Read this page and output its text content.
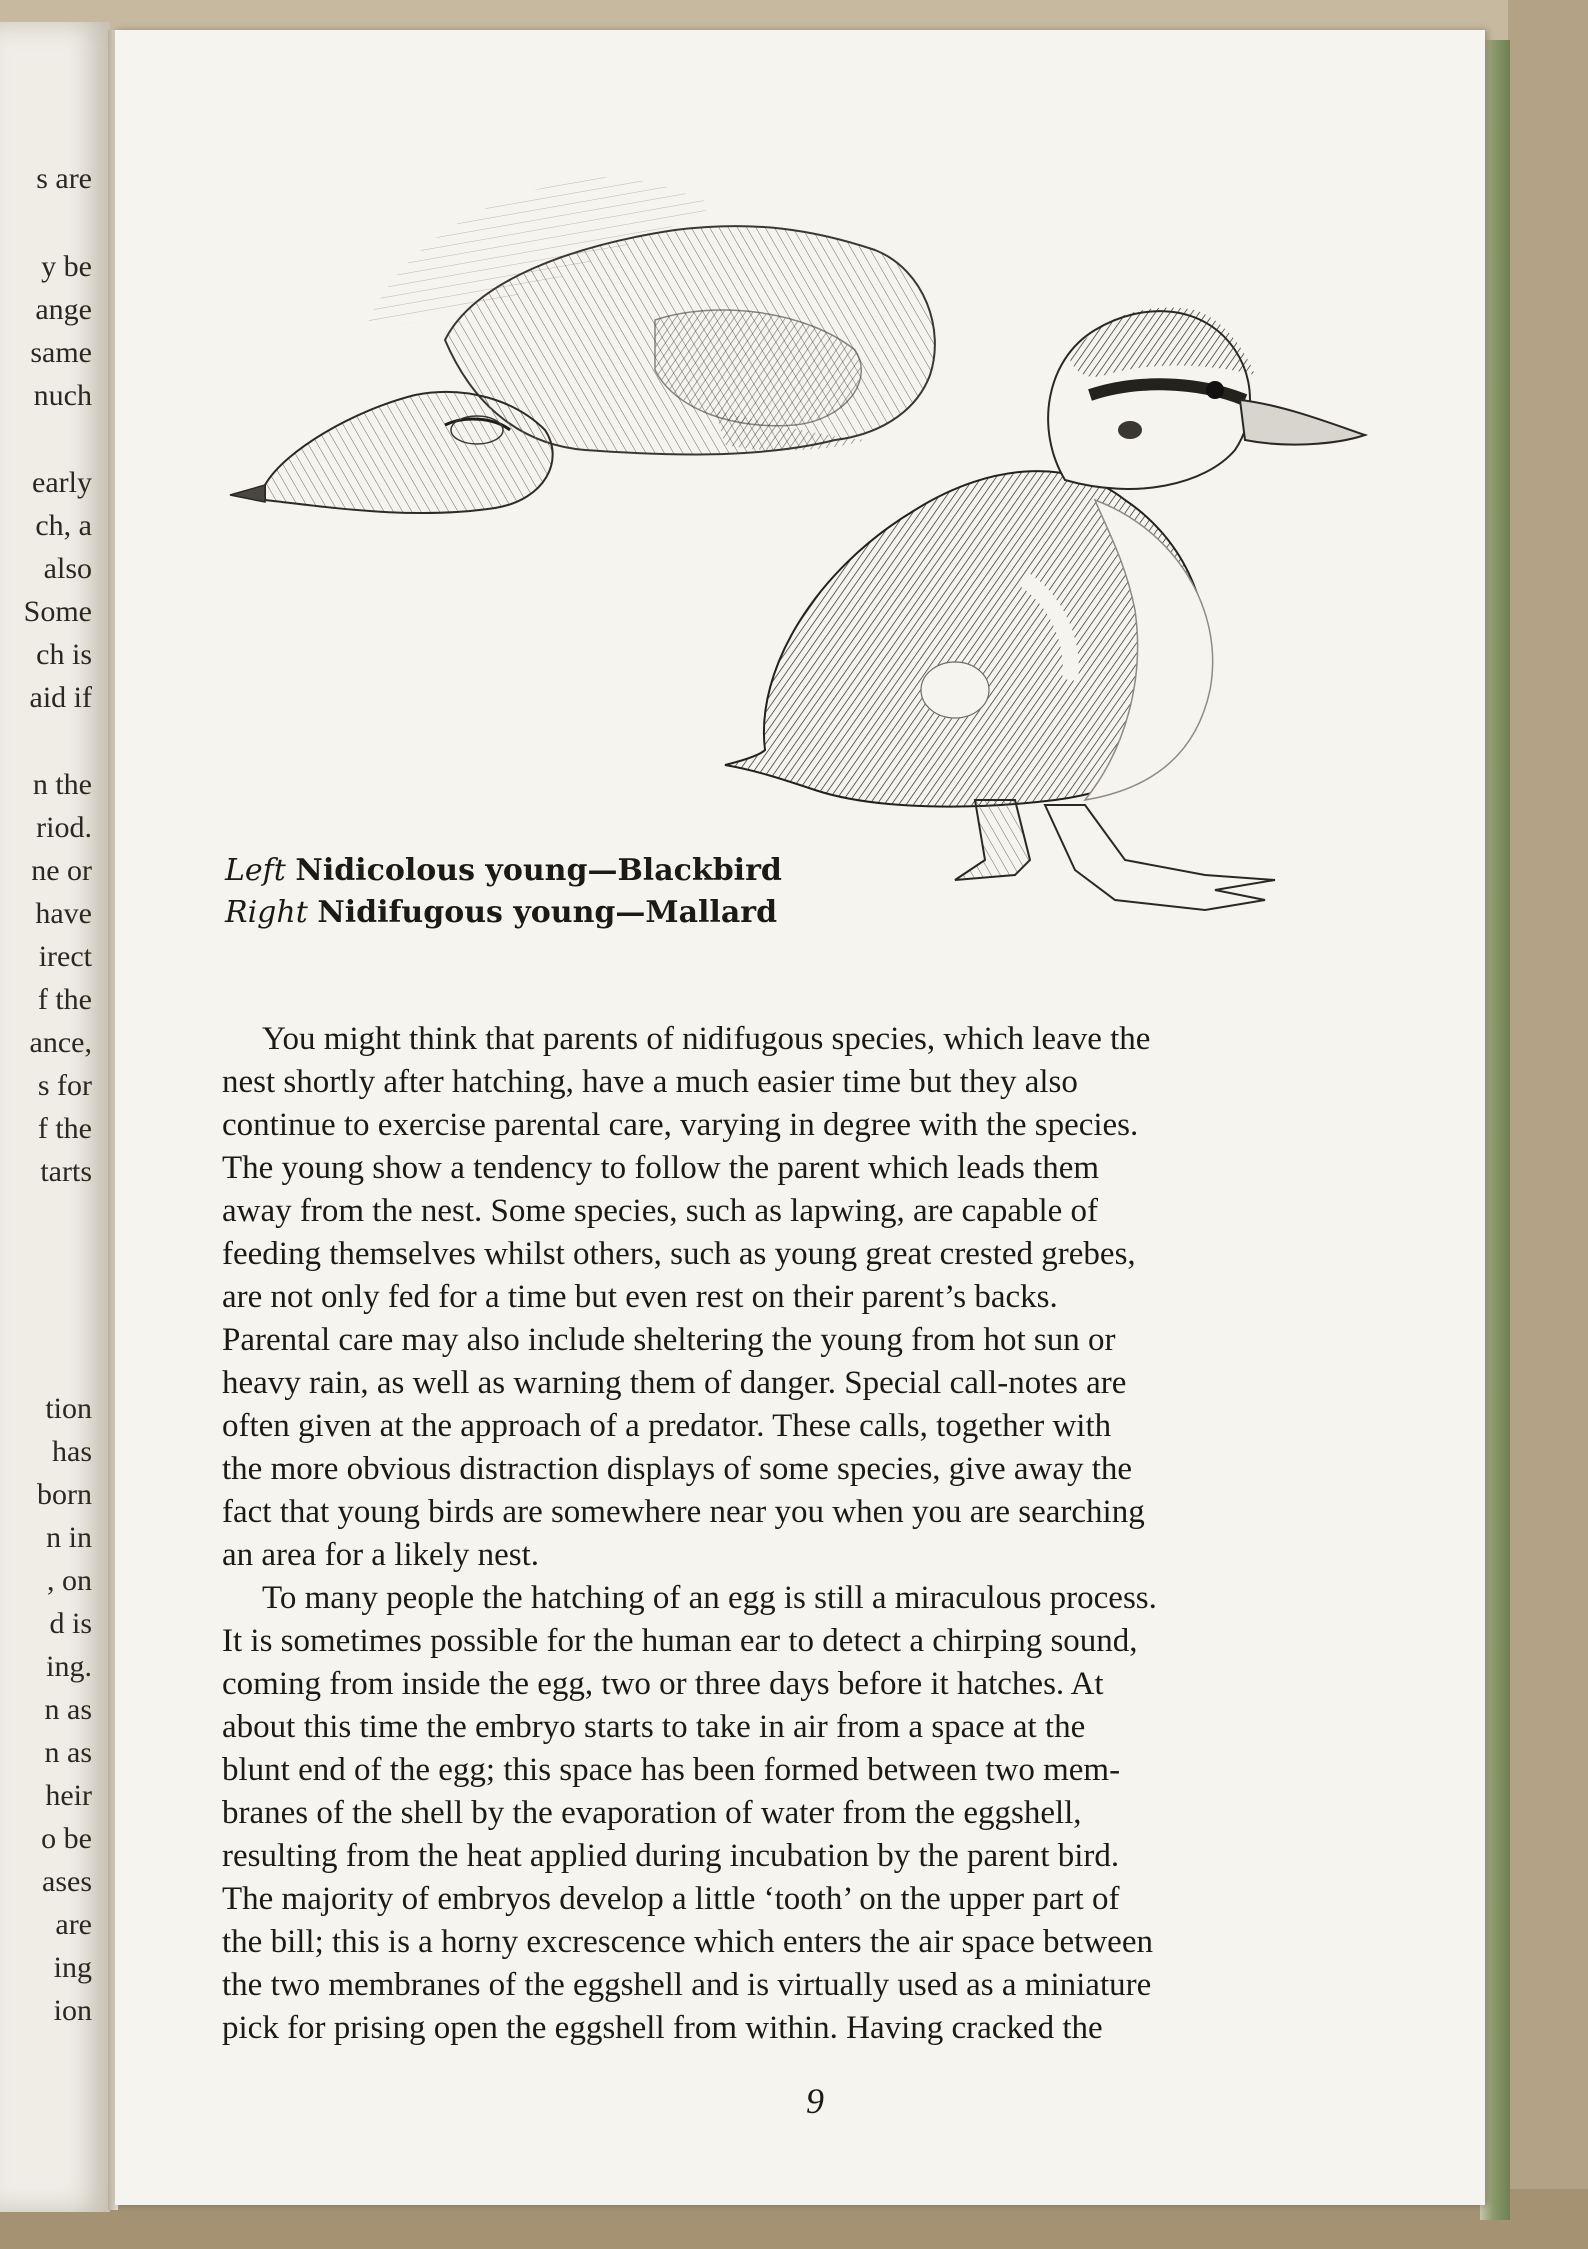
s are
y be
ange
same
nuch
early
ch, a
also
Some
ch is
aid if
n the
riod.
ne or
have
irect
f the
ance,
s for
f the
tarts
tion
has
born
n in
, on
d is
ing.
n as
n as
heir
o be
ases
are
ing
ion
Left Nidicolous young—Blackbird
Right Nidifugous young—Mallard
You might think that parents of nidifugous species, which leave the
nest shortly after hatching, have a much easier time but they also
continue to exercise parental care, varying in degree with the species.
The young show a tendency to follow the parent which leads them
away from the nest. Some species, such as lapwing, are capable of
feeding themselves whilst others, such as young great crested grebes,
are not only fed for a time but even rest on their parent’s backs.
Parental care may also include sheltering the young from hot sun or
heavy rain, as well as warning them of danger. Special call-notes are
often given at the approach of a predator. These calls, together with
the more obvious distraction displays of some species, give away the
fact that young birds are somewhere near you when you are searching
an area for a likely nest.
To many people the hatching of an egg is still a miraculous process.
It is sometimes possible for the human ear to detect a chirping sound,
coming from inside the egg, two or three days before it hatches. At
about this time the embryo starts to take in air from a space at the
blunt end of the egg; this space has been formed between two mem-
branes of the shell by the evaporation of water from the eggshell,
resulting from the heat applied during incubation by the parent bird.
The majority of embryos develop a little ‘tooth’ on the upper part of
the bill; this is a horny excrescence which enters the air space between
the two membranes of the eggshell and is virtually used as a miniature
pick for prising open the eggshell from within. Having cracked the
9
